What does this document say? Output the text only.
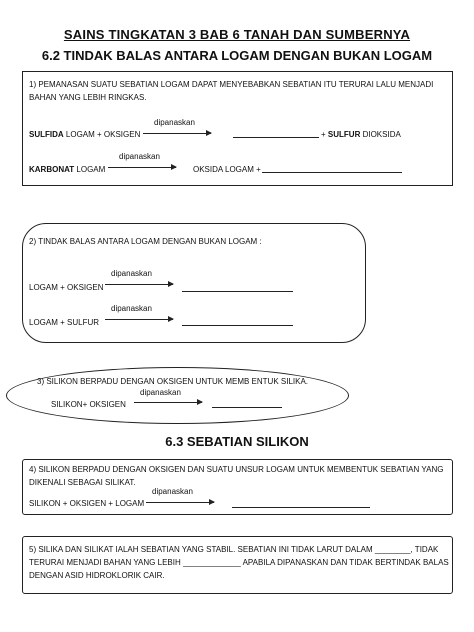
SAINS TINGKATAN 3 BAB 6 TANAH DAN SUMBERNYA
6.2 TINDAK BALAS ANTARA LOGAM DENGAN BUKAN LOGAM
1) PEMANASAN SUATU SEBATIAN LOGAM DAPAT MENYEBABKAN SEBATIAN ITU TERURAI LALU MENJADI BAHAN YANG LEBIH RINGKAS.
dipanaskan
SULFIDA LOGAM + OKSIGEN	+ SULFUR DIOKSIDA
dipanaskan
KARBONAT LOGAM	OKSIDA LOGAM +
2) TINDAK BALAS ANTARA LOGAM DENGAN BUKAN LOGAM :
dipanaskan
LOGAM + OKSIGEN
dipanaskan
LOGAM + SULFUR
3) SILIKON BERPADU DENGAN OKSIGEN UNTUK MEMB ENTUK SILIKA.
dipanaskan
SILIKON+ OKSIGEN
6.3 SEBATIAN SILIKON
4) SILIKON BERPADU DENGAN OKSIGEN DAN SUATU UNSUR LOGAM UNTUK MEMBENTUK SEBATIAN YANG DIKENALI SEBAGAI SILIKAT.
dipanaskan
SILIKON + OKSIGEN + LOGAM
5) SILIKA DAN SILIKAT IALAH SEBATIAN YANG STABIL. SEBATIAN INI TIDAK LARUT DALAM ________, TIDAK TERURAI MENJADI BAHAN YANG LEBIH _____________ APABILA DIPANASKAN DAN TIDAK BERTINDAK BALAS DENGAN ASID HIDROKLORIK CAIR.
